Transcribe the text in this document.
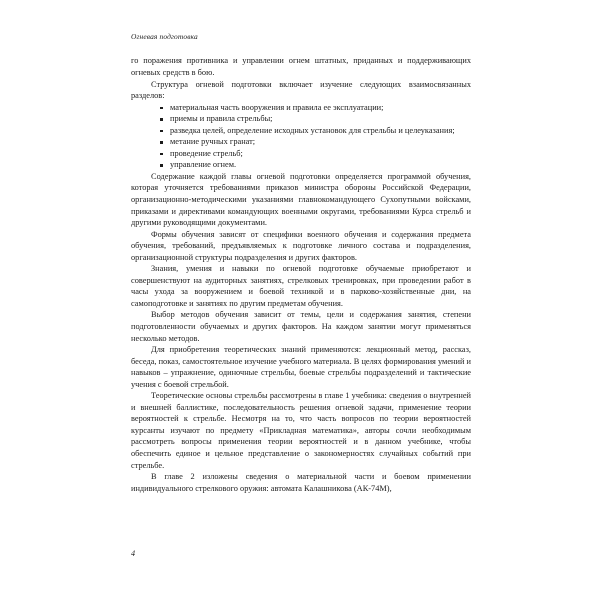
Огневая подготовка

го поражения противника и управлении огнем штатных, приданных и поддерживающих огневых средств в бою.

Структура огневой подготовки включает изучение следующих взаимосвязанных разделов:

материальная часть вооружения и правила ее эксплуатации;
приемы и правила стрельбы;
разведка целей, определение исходных установок для стрельбы и целеуказания;
метание ручных гранат;
проведение стрельб;
управление огнем.

Содержание каждой главы огневой подготовки определяется программой обучения, которая уточняется требованиями приказов министра обороны Российской Федерации, организационно-методическими указаниями главнокомандующего Сухопутными войсками, приказами и директивами командующих военными округами, требованиями Курса стрельб и другими руководящими документами.

Формы обучения зависят от специфики военного обучения и содержания предмета обучения, требований, предъявляемых к подготовке личного состава и подразделения, организационной структуры подразделения и других факторов.

Знания, умения и навыки по огневой подготовке обучаемые приобретают и совершенствуют на аудиторных занятиях, стрелковых тренировках, при проведении работ в часы ухода за вооружением и боевой техникой и в парково-хозяйственные дни, на самоподготовке и занятиях по другим предметам обучения.

Выбор методов обучения зависит от темы, цели и содержания занятия, степени подготовленности обучаемых и других факторов. На каждом занятии могут применяться несколько методов.

Для приобретения теоретических знаний применяются: лекционный метод, рассказ, беседа, показ, самостоятельное изучение учебного материала. В целях формирования умений и навыков – упражнение, одиночные стрельбы, боевые стрельбы подразделений и тактические учения с боевой стрельбой.

Теоретические основы стрельбы рассмотрены в главе 1 учебника: сведения о внутренней и внешней баллистике, последовательность решения огневой задачи, применение теории вероятностей к стрельбе. Несмотря на то, что часть вопросов по теории вероятностей курсанты изучают по предмету «Прикладная математика», авторы сочли необходимым рассмотреть вопросы применения теории вероятностей и в данном учебнике, чтобы обеспечить единое и цельное представление о закономерностях случайных событий при стрельбе.

В главе 2 изложены сведения о материальной части и боевом применении индивидуального стрелкового оружия: автомата Калашникова (АК-74М),

4
